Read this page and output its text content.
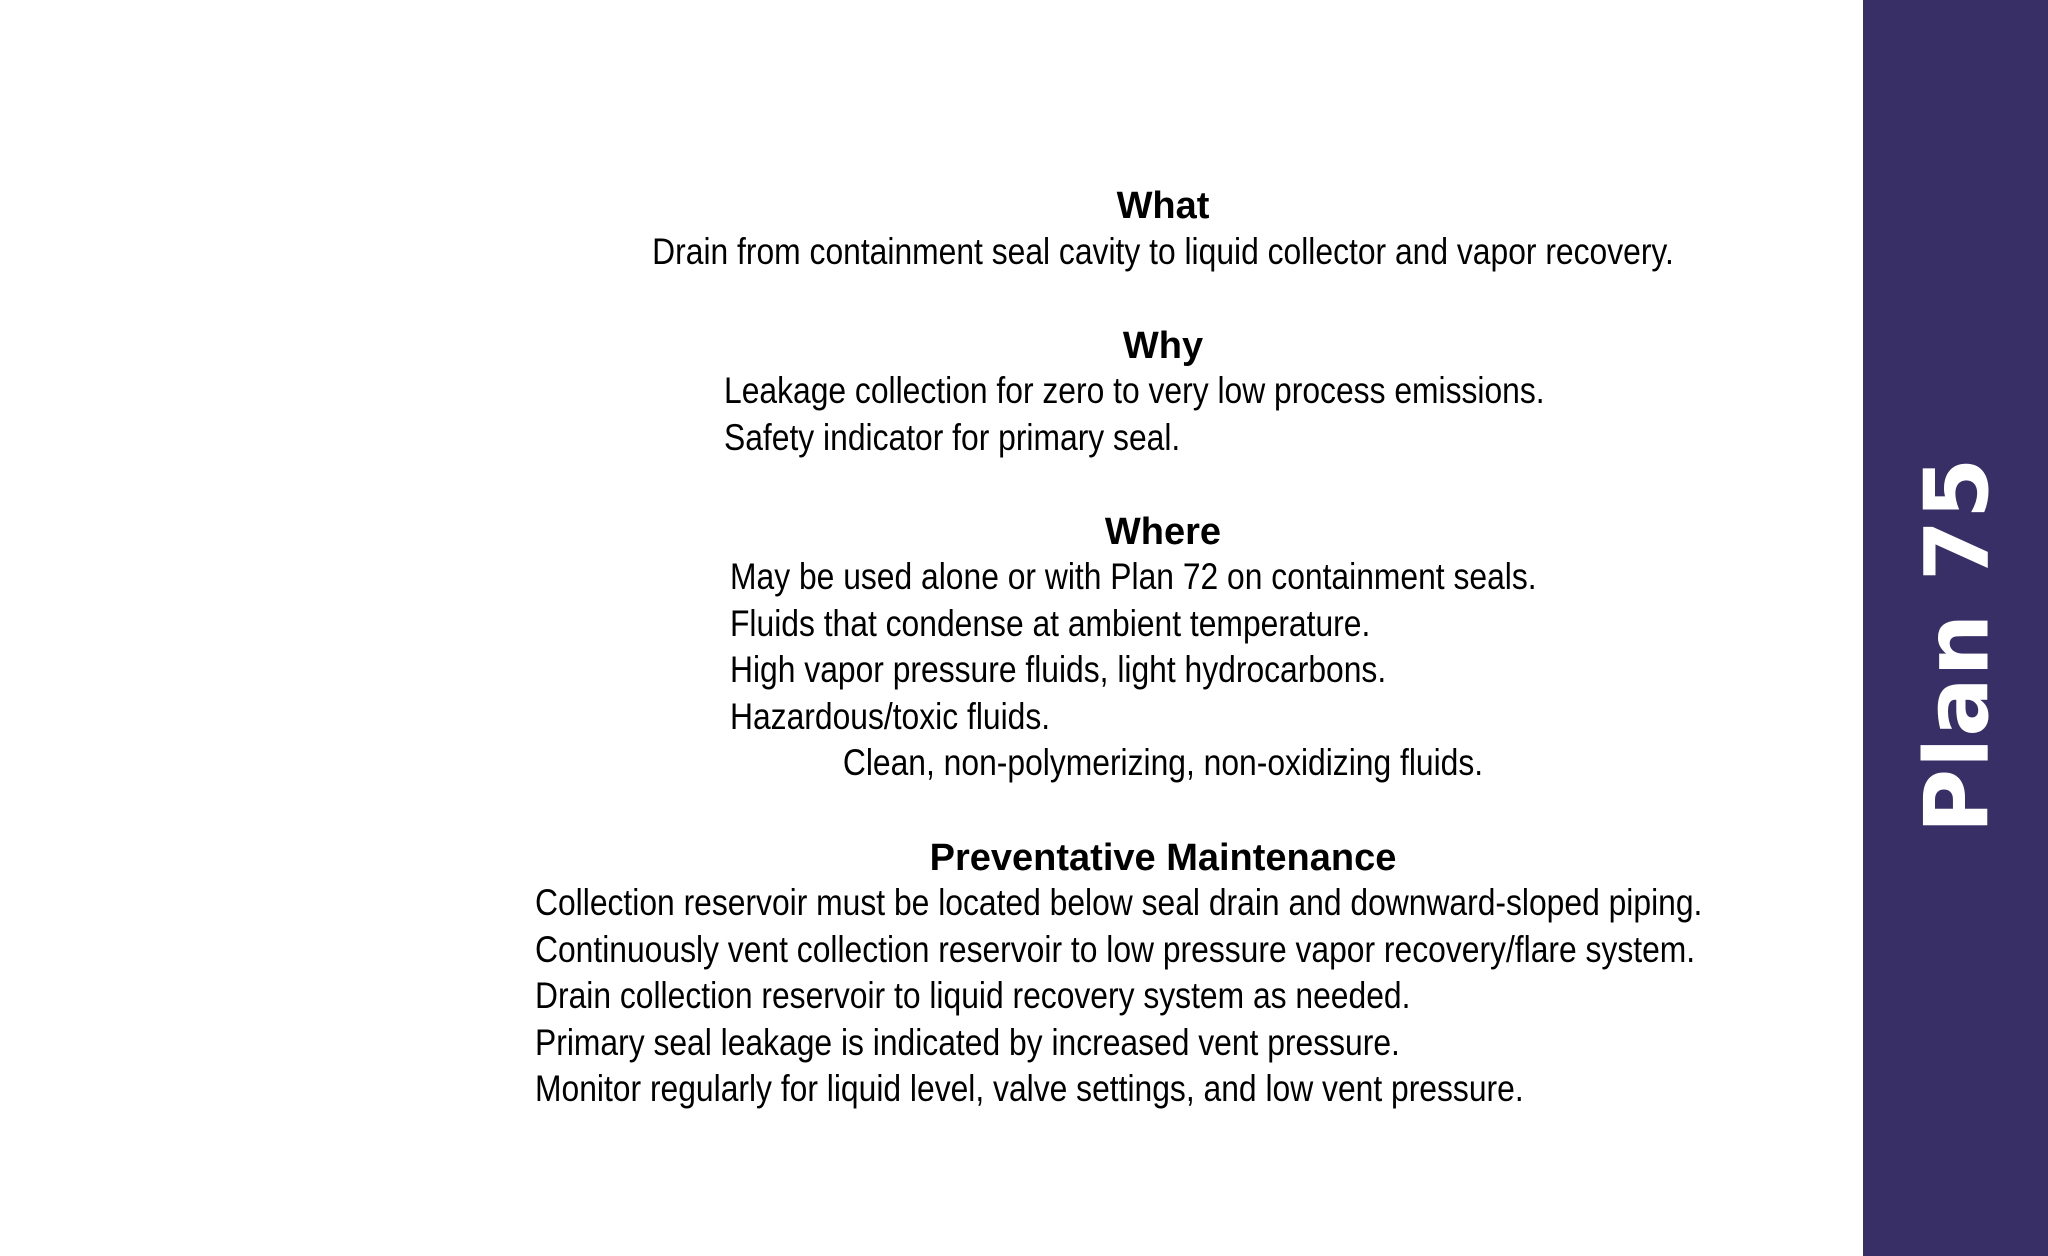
Plan 75
What
Drain from containment seal cavity to liquid collector and vapor recovery.
Why
Leakage collection for zero to very low process emissions.
Safety indicator for primary seal.
Where
May be used alone or with Plan 72 on containment seals.
Fluids that condense at ambient temperature.
High vapor pressure fluids, light hydrocarbons.
Hazardous/toxic fluids.
Clean, non-polymerizing, non-oxidizing fluids.
Preventative Maintenance
Collection reservoir must be located below seal drain and downward-sloped piping.
Continuously vent collection reservoir to low pressure vapor recovery/flare system.
Drain collection reservoir to liquid recovery system as needed.
Primary seal leakage is indicated by increased vent pressure.
Monitor regularly for liquid level, valve settings, and low vent pressure.
